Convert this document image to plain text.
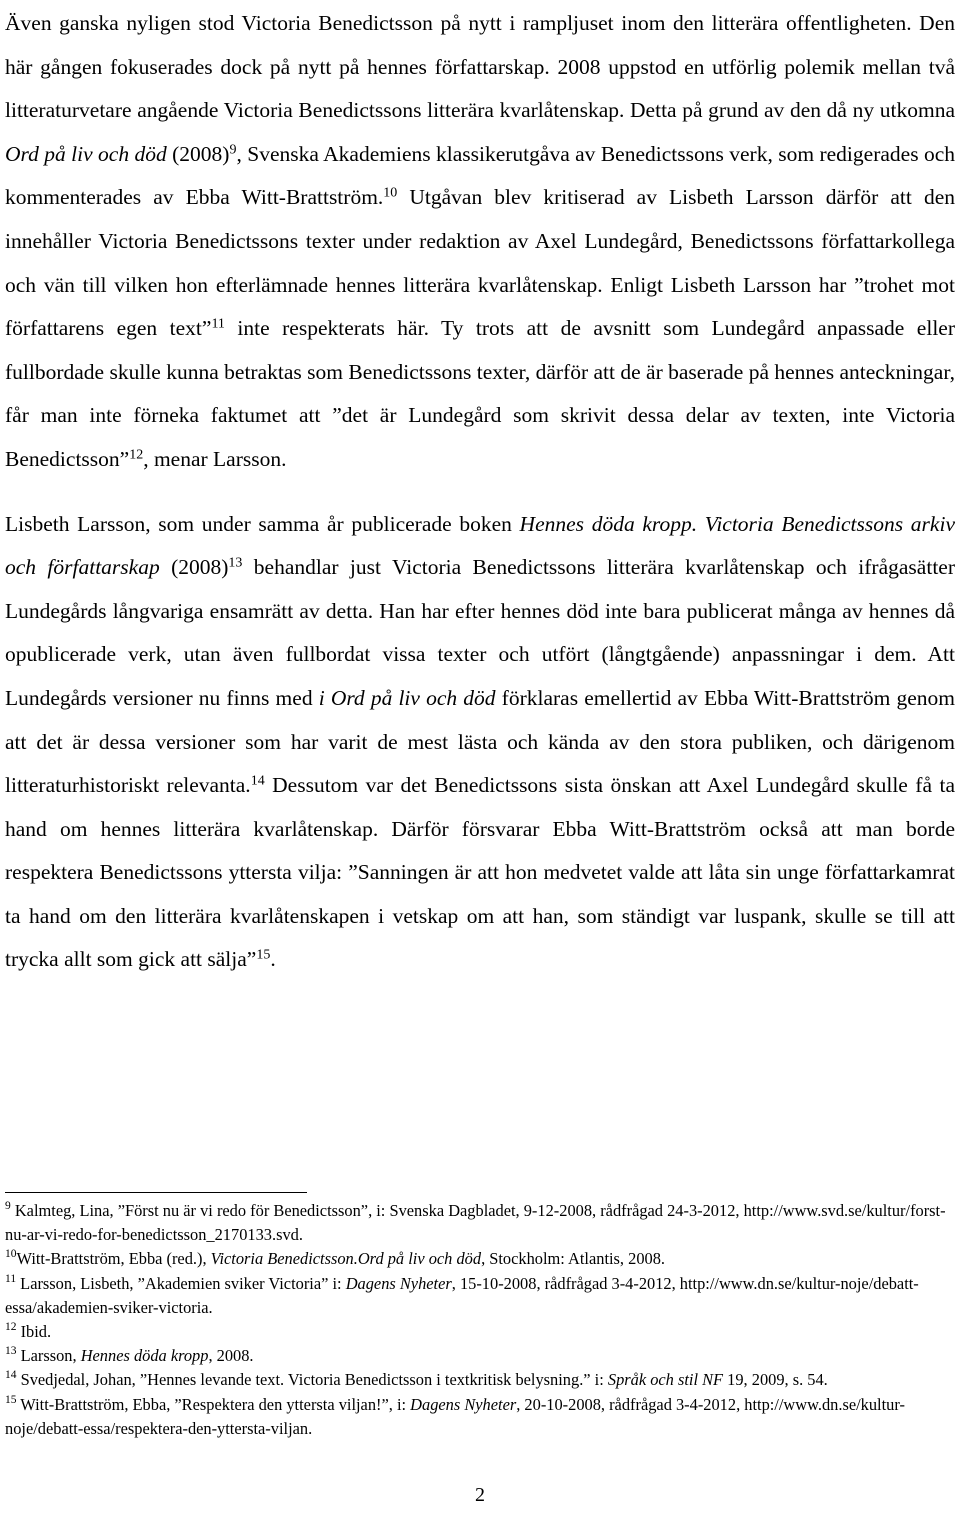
Även ganska nyligen stod Victoria Benedictsson på nytt i rampljuset inom den litterära offentligheten. Den här gången fokuserades dock på nytt på hennes författarskap. 2008 uppstod en utförlig polemik mellan två litteraturvetare angående Victoria Benedictssons litterära kvarlåtenskap. Detta på grund av den då ny utkomna Ord på liv och död $(2008)^9$, Svenska Akademiens klassikerutgåva av Benedictssons verk, som redigerades och kommenterades av Ebba Witt-Brattström.$^{10}$ Utgåvan blev kritiserad av Lisbeth Larsson därför att den innehåller Victoria Benedictssons texter under redaktion av Axel Lundegård, Benedictssons författarkollega och vän till vilken hon efterlämnade hennes litterära kvarlåtenskap. Enligt Lisbeth Larsson har ”trohet mot författarens egen text”$^{11}$ inte respekterats här. Ty trots att de avsnitt som Lundegård anpassade eller fullbordade skulle kunna betraktas som Benedictssons texter, därför att de är baserade på hennes anteckningar, får man inte förneka faktumet att ”det är Lundegård som skrivit dessa delar av texten, inte Victoria Benedictsson”$^{12}$, menar Larsson.

Lisbeth Larsson, som under samma år publicerade boken Hennes döda kropp. Victoria Benedictssons arkiv och författarskap $(2008)^{13}$ behandlar just Victoria Benedictssons litterära kvarlåtenskap och ifrågasätter Lundegårds långvariga ensamrätt av detta. Han har efter hennes död inte bara publicerat många av hennes då opublicerade verk, utan även fullbordat vissa texter och utfört (långtgående) anpassningar i dem. Att Lundegårds versioner nu finns med i Ord på liv och död förklaras emellertid av Ebba Witt-Brattström genom att det är dessa versioner som har varit de mest lästa och kända av den stora publiken, och därigenom litteraturhistoriskt relevanta.$^{14}$ Dessutom var det Benedictssons sista önskan att Axel Lundegård skulle få ta hand om hennes litterära kvarlåtenskap. Därför försvarar Ebba Witt-Brattström också att man borde respektera Benedictssons yttersta vilja: ”Sanningen är att hon medvetet valde att låta sin unge författarkamrat ta hand om den litterära kvarlåtenskapen i vetskap om att han, som ständigt var luspank, skulle se till att trycka allt som gick att sälja”$^{15}$.

$^9$ Kalmteg, Lina, ”Först nu är vi redo för Benedictsson”, i: Svenska Dagbladet, 9-12-2008, rådfrågad 24-3-2012, http://www.svd.se/kultur/forst-nu-ar-vi-redo-for-benedictsson_2170133.svd.

$^{10}$Witt-Brattström, Ebba (red.), Victoria Benedictsson.Ord på liv och död, Stockholm: Atlantis, 2008.

$^{11}$ Larsson, Lisbeth, ”Akademien sviker Victoria” i: Dagens Nyheter, 15-10-2008, rådfrågad 3-4-2012, http://www.dn.se/kultur-noje/debatt-essa/akademien-sviker-victoria.

$^{12}$ Ibid.

$^{13}$ Larsson, Hennes döda kropp, 2008.

$^{14}$ Svedjedal, Johan, ”Hennes levande text. Victoria Benedictsson i textkritisk belysning.” i: Språk och stil NF 19, 2009, s. 54.

$^{15}$ Witt-Brattström, Ebba, ”Respektera den yttersta viljan!”, i: Dagens Nyheter, 20-10-2008, rådfrågad 3-4-2012, http://www.dn.se/kultur-noje/debatt-essa/respektera-den-yttersta-viljan.

2
